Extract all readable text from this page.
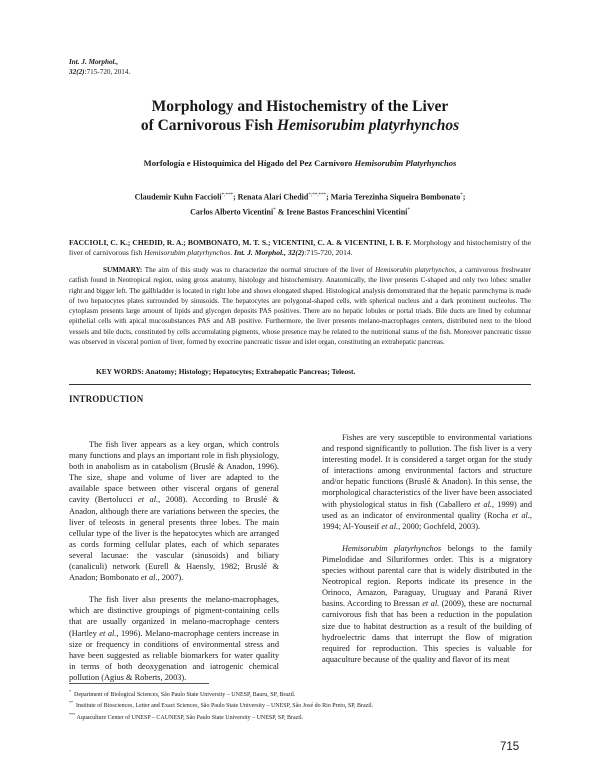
Int. J. Morphol.,
32(2):715-720, 2014.
Morphology and Histochemistry of the Liver
of Carnivorous Fish Hemisorubim platyrhynchos
Morfología e Histoquímica del Hígado del Pez Carnívoro Hemisorubim Platyrhynchos
Claudemir Kuhn Faccioli*;***; Renata Alari Chedid*;**;***; Maria Terezinha Siqueira Bombonato*;
Carlos Alberto Vicentini* & Irene Bastos Franceschini Vicentini*
FACCIOLI, C. K.; CHEDID, R. A.; BOMBONATO, M. T. S.; VICENTINI, C. A. & VICENTINI, I. B. F. Morphology and histochemistry of the liver of carnivorous fish Hemisorubim platyrhynchos. Int. J. Morphol., 32(2):715-720, 2014.
SUMMARY: The aim of this study was to characterize the normal structure of the liver of Hemisorubin platyrhynchos, a carnivorous freshwater catfish found in Neotropical region, using gross anatomy, histology and histochemistry. Anatomically, the liver presents C-shaped and only two lobes: smaller right and bigger left. The gallbladder is located in right lobe and shows elongated shaped. Histological analysis demonstrated that the hepatic parenchyma is made of two hepatocytes plates surrounded by sinusoids. The hepatocytes are polygonal-shaped cells, with spherical nucleus and a dark prominent nucleolus. The cytoplasm presents large amount of lipids and glycogen deposits PAS positives. There are no hepatic lobules or portal triads. Bile ducts are lined by columnar epithelial cells with apical mucosubstances PAS and AB positive. Furthermore, the liver presents melano-macrophages centers, distributed next to the blood vessels and bile ducts, constituted by cells accumulating pigments, whose presence may be related to the nutritional status of the fish. Moreover pancreatic tissue was observed in visceral portion of liver, formed by exocrine pancreatic tissue and islet organ, constituting an extrahepatic pancreas.
KEY WORDS: Anatomy; Histology; Hepatocytes; Extrahepatic Pancreas; Teleost.
INTRODUCTION

The fish liver appears as a key organ, which controls many functions and plays an important role in fish physiology, both in anabolism as in catabolism (Bruslé & Anadon, 1996). The size, shape and volume of liver are adapted to the available space between other visceral organs of general cavity (Bertolucci et al., 2008). According to Bruslé & Anadon, although there are variations between the species, the liver of teleosts in general presents three lobes. The main cellular type of the liver is the hepatocytes which are arranged as cords forming cellular plates, each of which separates several lacunae: the vascular (sinusoids) and biliary (canaliculi) network (Eurell & Haensly, 1982; Bruslé & Anadon; Bombonato et al., 2007).

The fish liver also presents the melano-macrophages, which are distinctive groupings of pigment-containing cells that are usually organized in melano-macrophage centers (Hartley et al., 1996). Melano-macrophage centers increase in size or frequency in conditions of environmental stress and have been suggested as reliable biomarkers for water quality in terms of both deoxygenation and iatrogenic chemical pollution (Agius & Roberts, 2003).

Fishes are very susceptible to environmental variations and respond significantly to pollution. The fish liver is a very interesting model. It is considered a target organ for the study of interactions among environmental factors and structure and/or hepatic functions (Bruslé & Anadon). In this sense, the morphological characteristics of the liver have been associated with physiological status in fish (Caballero et al., 1999) and used as an indicator of environmental quality (Rocha et al., 1994; Al-Youseif et al., 2000; Gochfeld, 2003).

Hemisorubim platyrhynchos belongs to the family Pimelodidae and Siluriformes order. This is a migratory species without parental care that is widely distributed in the Neotropical region. Reports indicate its presence in the Orinoco, Amazon, Paraguay, Uruguay and Paraná River basins. According to Bressan et al. (2009), these are nocturnal carnivorous fish that has been a reduction in the population size due to habitat destruction as a result of the building of hydroelectric dams that interrupt the flow of migration required for reproduction. This species is valuable for aquaculture because of the quality and flavor of its meat

*  Department of Biological Sciences, São Paulo State University – UNESP, Bauru, SP, Brazil.
**  Institute of Biosciences, Letter and Exact Sciences, São Paulo State University – UNESP, São José do Rio Preto, SP, Brazil.
*** Aquaculture Center of UNESP – CAUNESP, São Paulo State University – UNESP, SP, Brazil.
715
